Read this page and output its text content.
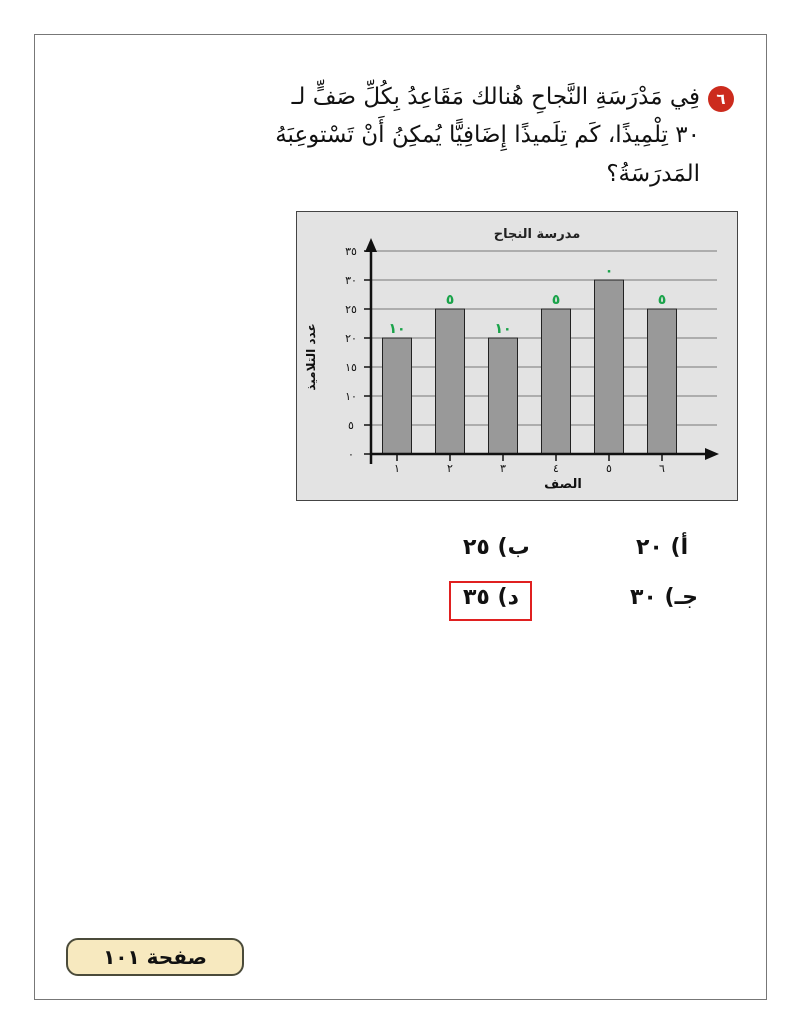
٦
فِي مَدْرَسَةِ النَّجاحِ هُنالك مَقَاعِدُ بِكُلِّ صَفٍّ لـ
٣٠ تِلْمِيذًا، كَم تِلَميذًا إِضَافِيًّا يُمكِنُ أَنْ تَسْتوعِبَهُ
المَدرَسَةُ؟
مدرسة النجاح
٠
٥
١٠
١٥
٢٠
٢٥
٣٠
٣٥
١٠
١
٥
٢
١٠
٣
٥
٤
٠
٥
٥
٦
الصف
عدد التلاميذ
أ) ٢٠
ب) ٢٥
جـ) ٣٠
د) ٣٥
صفحة ١٠١
